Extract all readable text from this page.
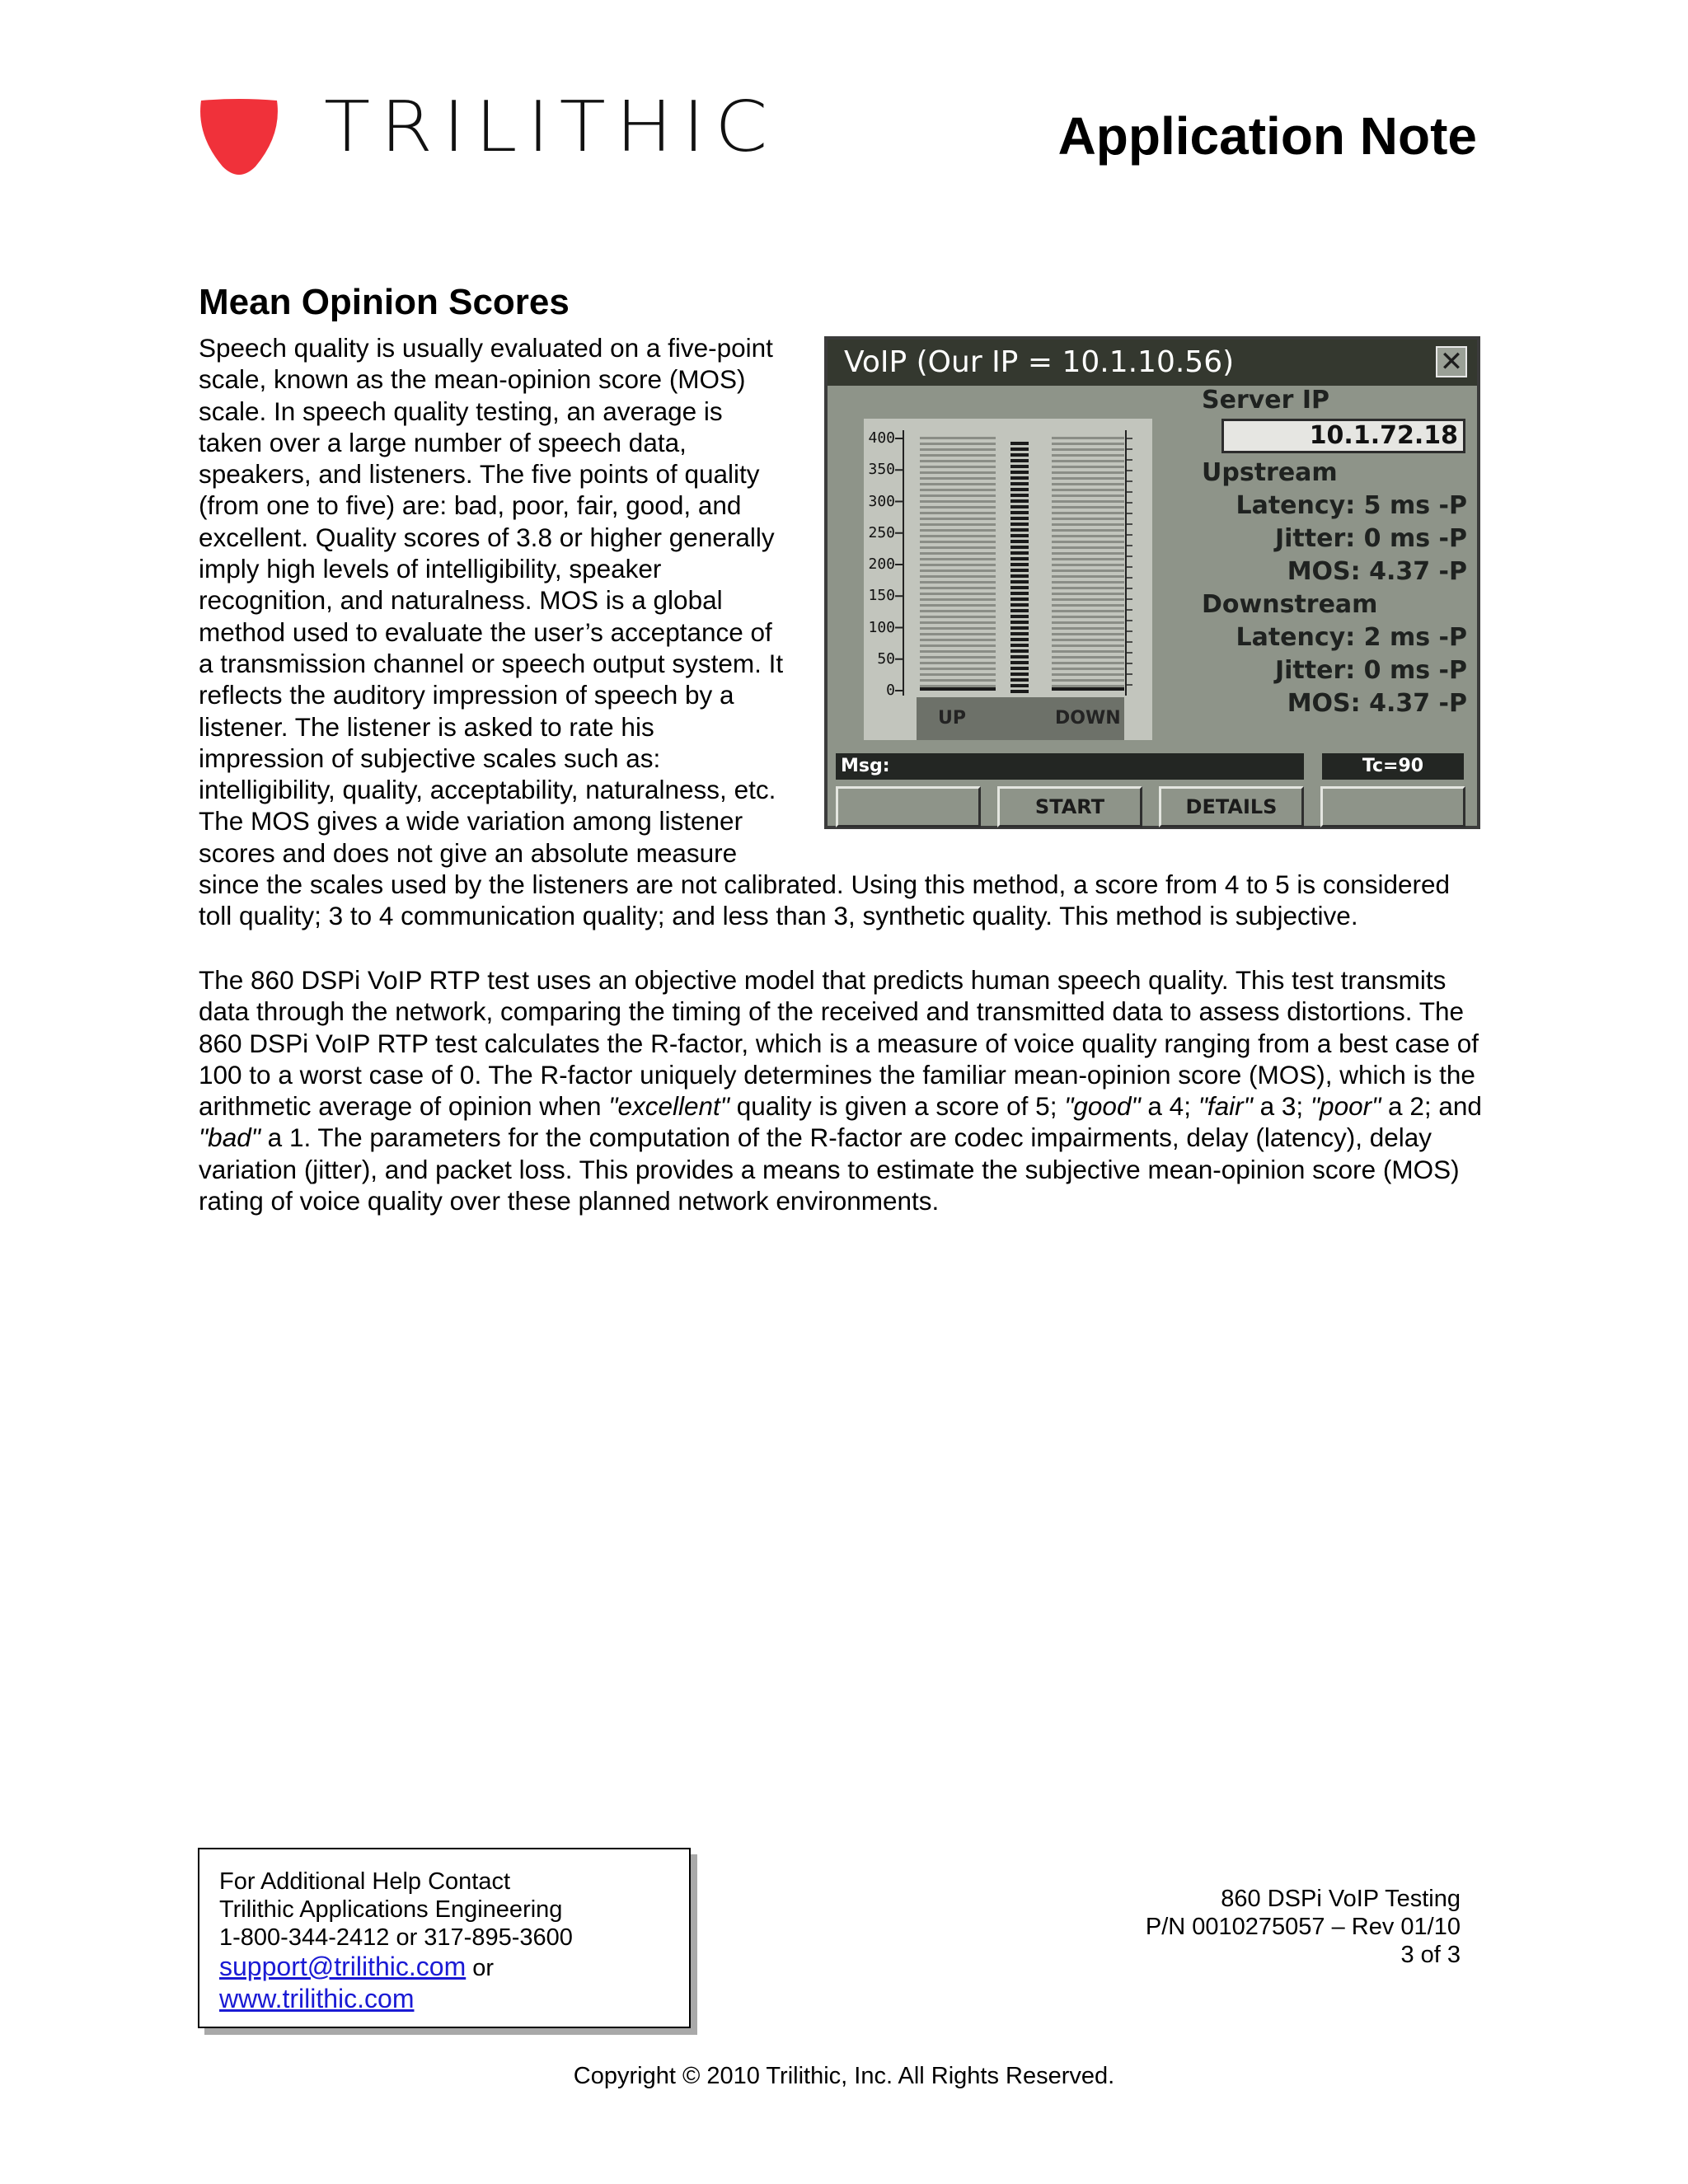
TRILITHIC	Application Note
Mean Opinion Scores

Speech quality is usually evaluated on a five-point scale, known as the mean-opinion score (MOS) scale. In speech quality testing, an average is taken over a large number of speech data, speakers, and listeners. The five points of quality (from one to five) are: bad, poor, fair, good, and excellent. Quality scores of 3.8 or higher generally imply high levels of intelligibility, speaker recognition, and naturalness. MOS is a global method used to evaluate the user’s acceptance of a transmission channel or speech output system. It reflects the auditory impression of speech by a listener. The listener is asked to rate his impression of subjective scales such as: intelligibility, quality, acceptability, naturalness, etc. The MOS gives a wide variation among listener scores and does not give an absolute measure since the scales used by the listeners are not calibrated. Using this method, a score from 4 to 5 is considered toll quality; 3 to 4 communication quality; and less than 3, synthetic quality. This method is subjective.

VoIP (Our IP = 10.1.10.56)	✕
UP	DOWN
400
350
300
250
200
150
100
50
0
Server IP
10.1.72.18
Upstream
Latency: 5 ms -P
Jitter: 0 ms -P
MOS: 4.37 -P
Downstream
Latency: 2 ms -P
Jitter: 0 ms -P
MOS: 4.37 -P
Msg:	Tc=90
START	DETAILS

The 860 DSPi VoIP RTP test uses an objective model that predicts human speech quality. This test transmits data through the network, comparing the timing of the received and transmitted data to assess distortions. The 860 DSPi VoIP RTP test calculates the R-factor, which is a measure of voice quality ranging from a best case of 100 to a worst case of 0. The R-factor uniquely determines the familiar mean-opinion score (MOS), which is the arithmetic average of opinion when "excellent" quality is given a score of 5; "good" a 4; "fair" a 3; "poor" a 2; and "bad" a 1. The parameters for the computation of the R-factor are codec impairments, delay (latency), delay variation (jitter), and packet loss. This provides a means to estimate the subjective mean-opinion score (MOS) rating of voice quality over these planned network environments.

For Additional Help Contact
Trilithic Applications Engineering
1-800-344-2412 or 317-895-3600
support@trilithic.com or
www.trilithic.com
860 DSPi VoIP Testing
P/N 0010275057 – Rev 01/10
3 of 3
Copyright © 2010 Trilithic, Inc. All Rights Reserved.
